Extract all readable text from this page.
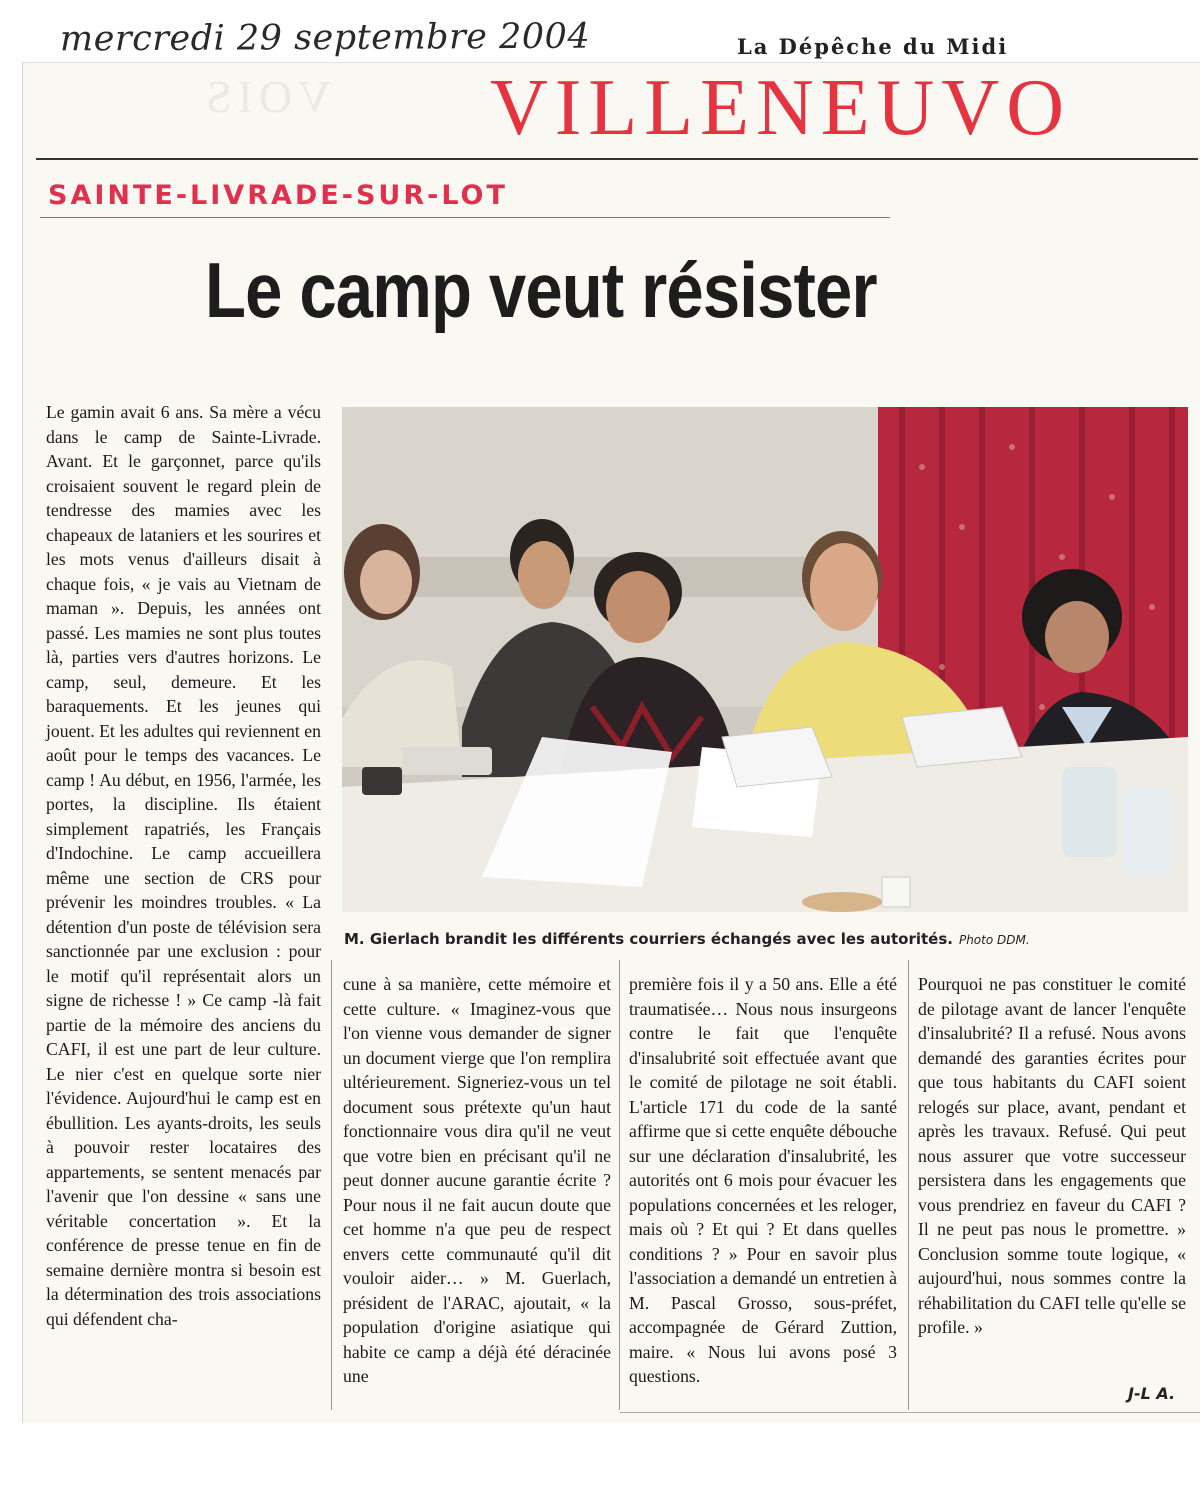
mercredi 29 septembre 2004	La Dépêche du Midi
VOIS VILLENEUVO
SAINTE-LIVRADE-SUR-LOT
Le camp veut résister
M. Gierlach brandit les différents courriers échangés avec les autorités. Photo DDM.

Le gamin avait 6 ans. Sa mère a vécu dans le camp de Sainte-Livrade. Avant. Et le garçonnet, parce qu'ils croisaient souvent le regard plein de tendresse des mamies avec les chapeaux de lataniers et les sourires et les mots venus d'ailleurs disait à chaque fois, « je vais au Vietnam de maman ». Depuis, les années ont passé. Les mamies ne sont plus toutes là, parties vers d'autres horizons. Le camp, seul, demeure. Et les baraquements. Et les jeunes qui jouent. Et les adultes qui reviennent en août pour le temps des vacances. Le camp ! Au début, en 1956, l'armée, les portes, la discipline. Ils étaient simplement rapatriés, les Français d'Indochine. Le camp accueillera même une section de CRS pour prévenir les moindres troubles. « La détention d'un poste de télévision sera sanctionnée par une exclusion : pour le motif qu'il représentait alors un signe de richesse ! » Ce camp -là fait partie de la mémoire des anciens du CAFI, il est une part de leur culture. Le nier c'est en quelque sorte nier l'évidence. Aujourd'hui le camp est en ébullition. Les ayants-droits, les seuls à pouvoir rester locataires des appartements, se sentent menacés par l'avenir que l'on dessine « sans une véritable concertation ». Et la conférence de presse tenue en fin de semaine dernière montra si besoin est la détermination des trois associations qui défendent cha-

cune à sa manière, cette mémoire et cette culture. « Imaginez-vous que l'on vienne vous demander de signer un document vierge que l'on remplira ultérieurement. Signeriez-vous un tel document sous prétexte qu'un haut fonctionnaire vous dira qu'il ne veut que votre bien en précisant qu'il ne peut donner aucune garantie écrite ? Pour nous il ne fait aucun doute que cet homme n'a que peu de respect envers cette communauté qu'il dit vouloir aider… » M. Guerlach, président de l'ARAC, ajoutait, « la population d'origine asiatique qui habite ce camp a déjà été déracinée une

première fois il y a 50 ans. Elle a été traumatisée… Nous nous insurgeons contre le fait que l'enquête d'insalubrité soit effectuée avant que le comité de pilotage ne soit établi. L'article 171 du code de la santé affirme que si cette enquête débouche sur une déclaration d'insalubrité, les autorités ont 6 mois pour évacuer les populations concernées et les reloger, mais où ? Et qui ? Et dans quelles conditions ? » Pour en savoir plus l'association a demandé un entretien à M. Pascal Grosso, sous-préfet, accompagnée de Gérard Zuttion, maire. « Nous lui avons posé 3 questions.

Pourquoi ne pas constituer le comité de pilotage avant de lancer l'enquête d'insalubrité? Il a refusé. Nous avons demandé des garanties écrites pour que tous habitants du CAFI soient relogés sur place, avant, pendant et après les travaux. Refusé. Qui peut nous assurer que votre successeur persistera dans les engagements que vous prendriez en faveur du CAFI ? Il ne peut pas nous le promettre. » Conclusion somme toute logique, « aujourd'hui, nous sommes contre la réhabilitation du CAFI telle qu'elle se profile. »

J-L A.
